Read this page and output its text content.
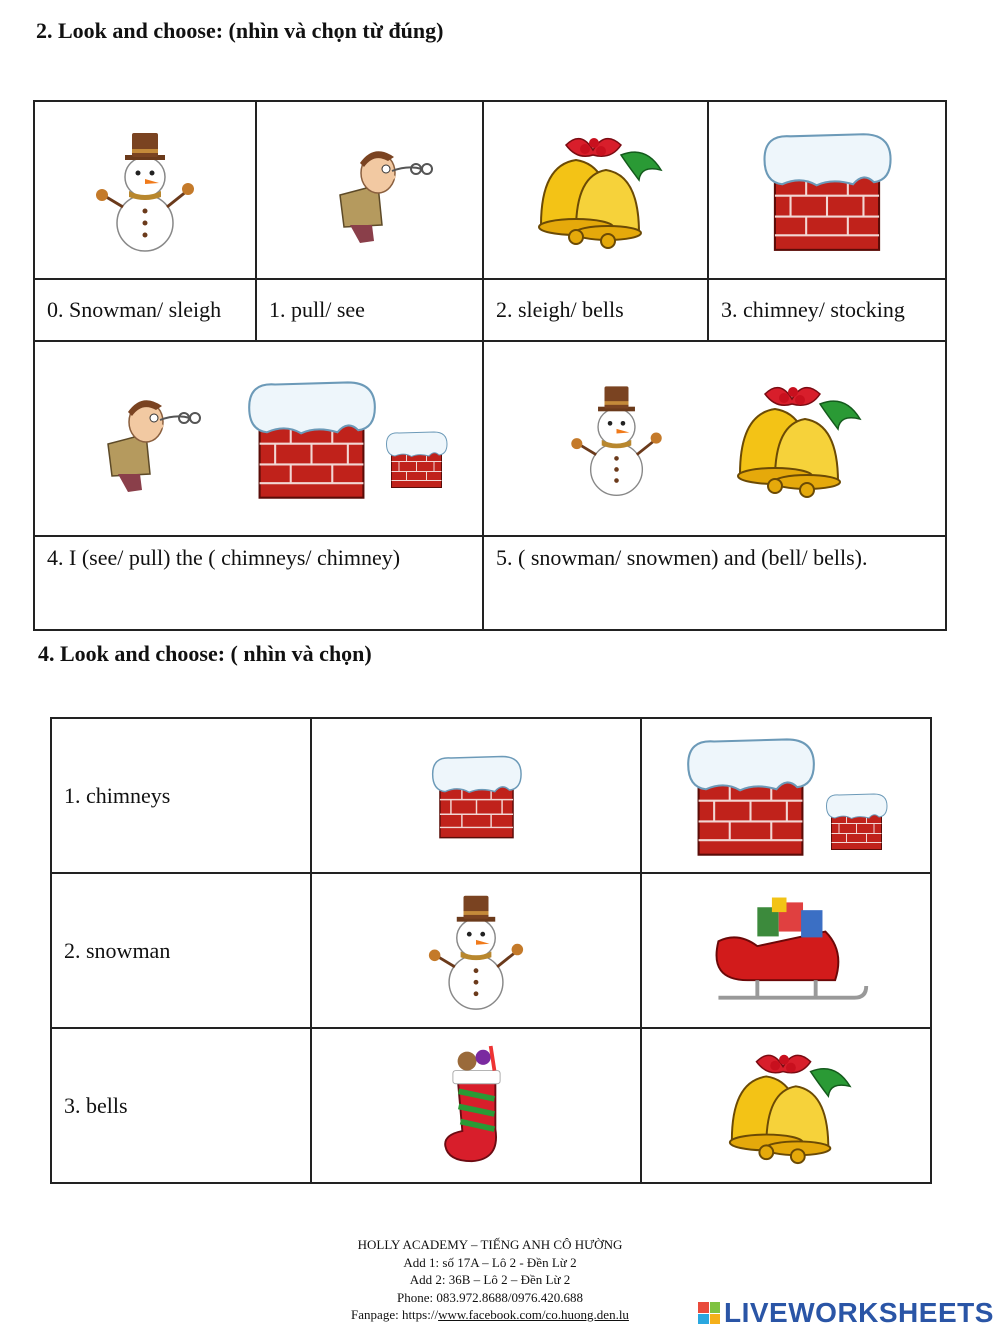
2. Look and choose: (nhìn và chọn từ đúng)

0. Snowman/ sleigh	1. pull/ see	2. sleigh/ bells	3. chimney/ stocking

4. I (see/ pull) the ( chimneys/ chimney)		5. ( snowman/ snowmen) and (bell/ bells).	
4. Look and choose: ( nhìn và chọn)
1. chimneys		
2. snowman		
3. bells		
HOLLY ACADEMY – TIẾNG ANH CÔ HƯỜNG
Add 1: số 17A – Lô 2 - Đền Lừ 2
Add 2: 36B – Lô 2 – Đền Lừ 2
Phone: 083.972.8688/0976.420.688
Fanpage: https://www.facebook.com/co.huong.den.lu	LIVEWORKSHEETS
